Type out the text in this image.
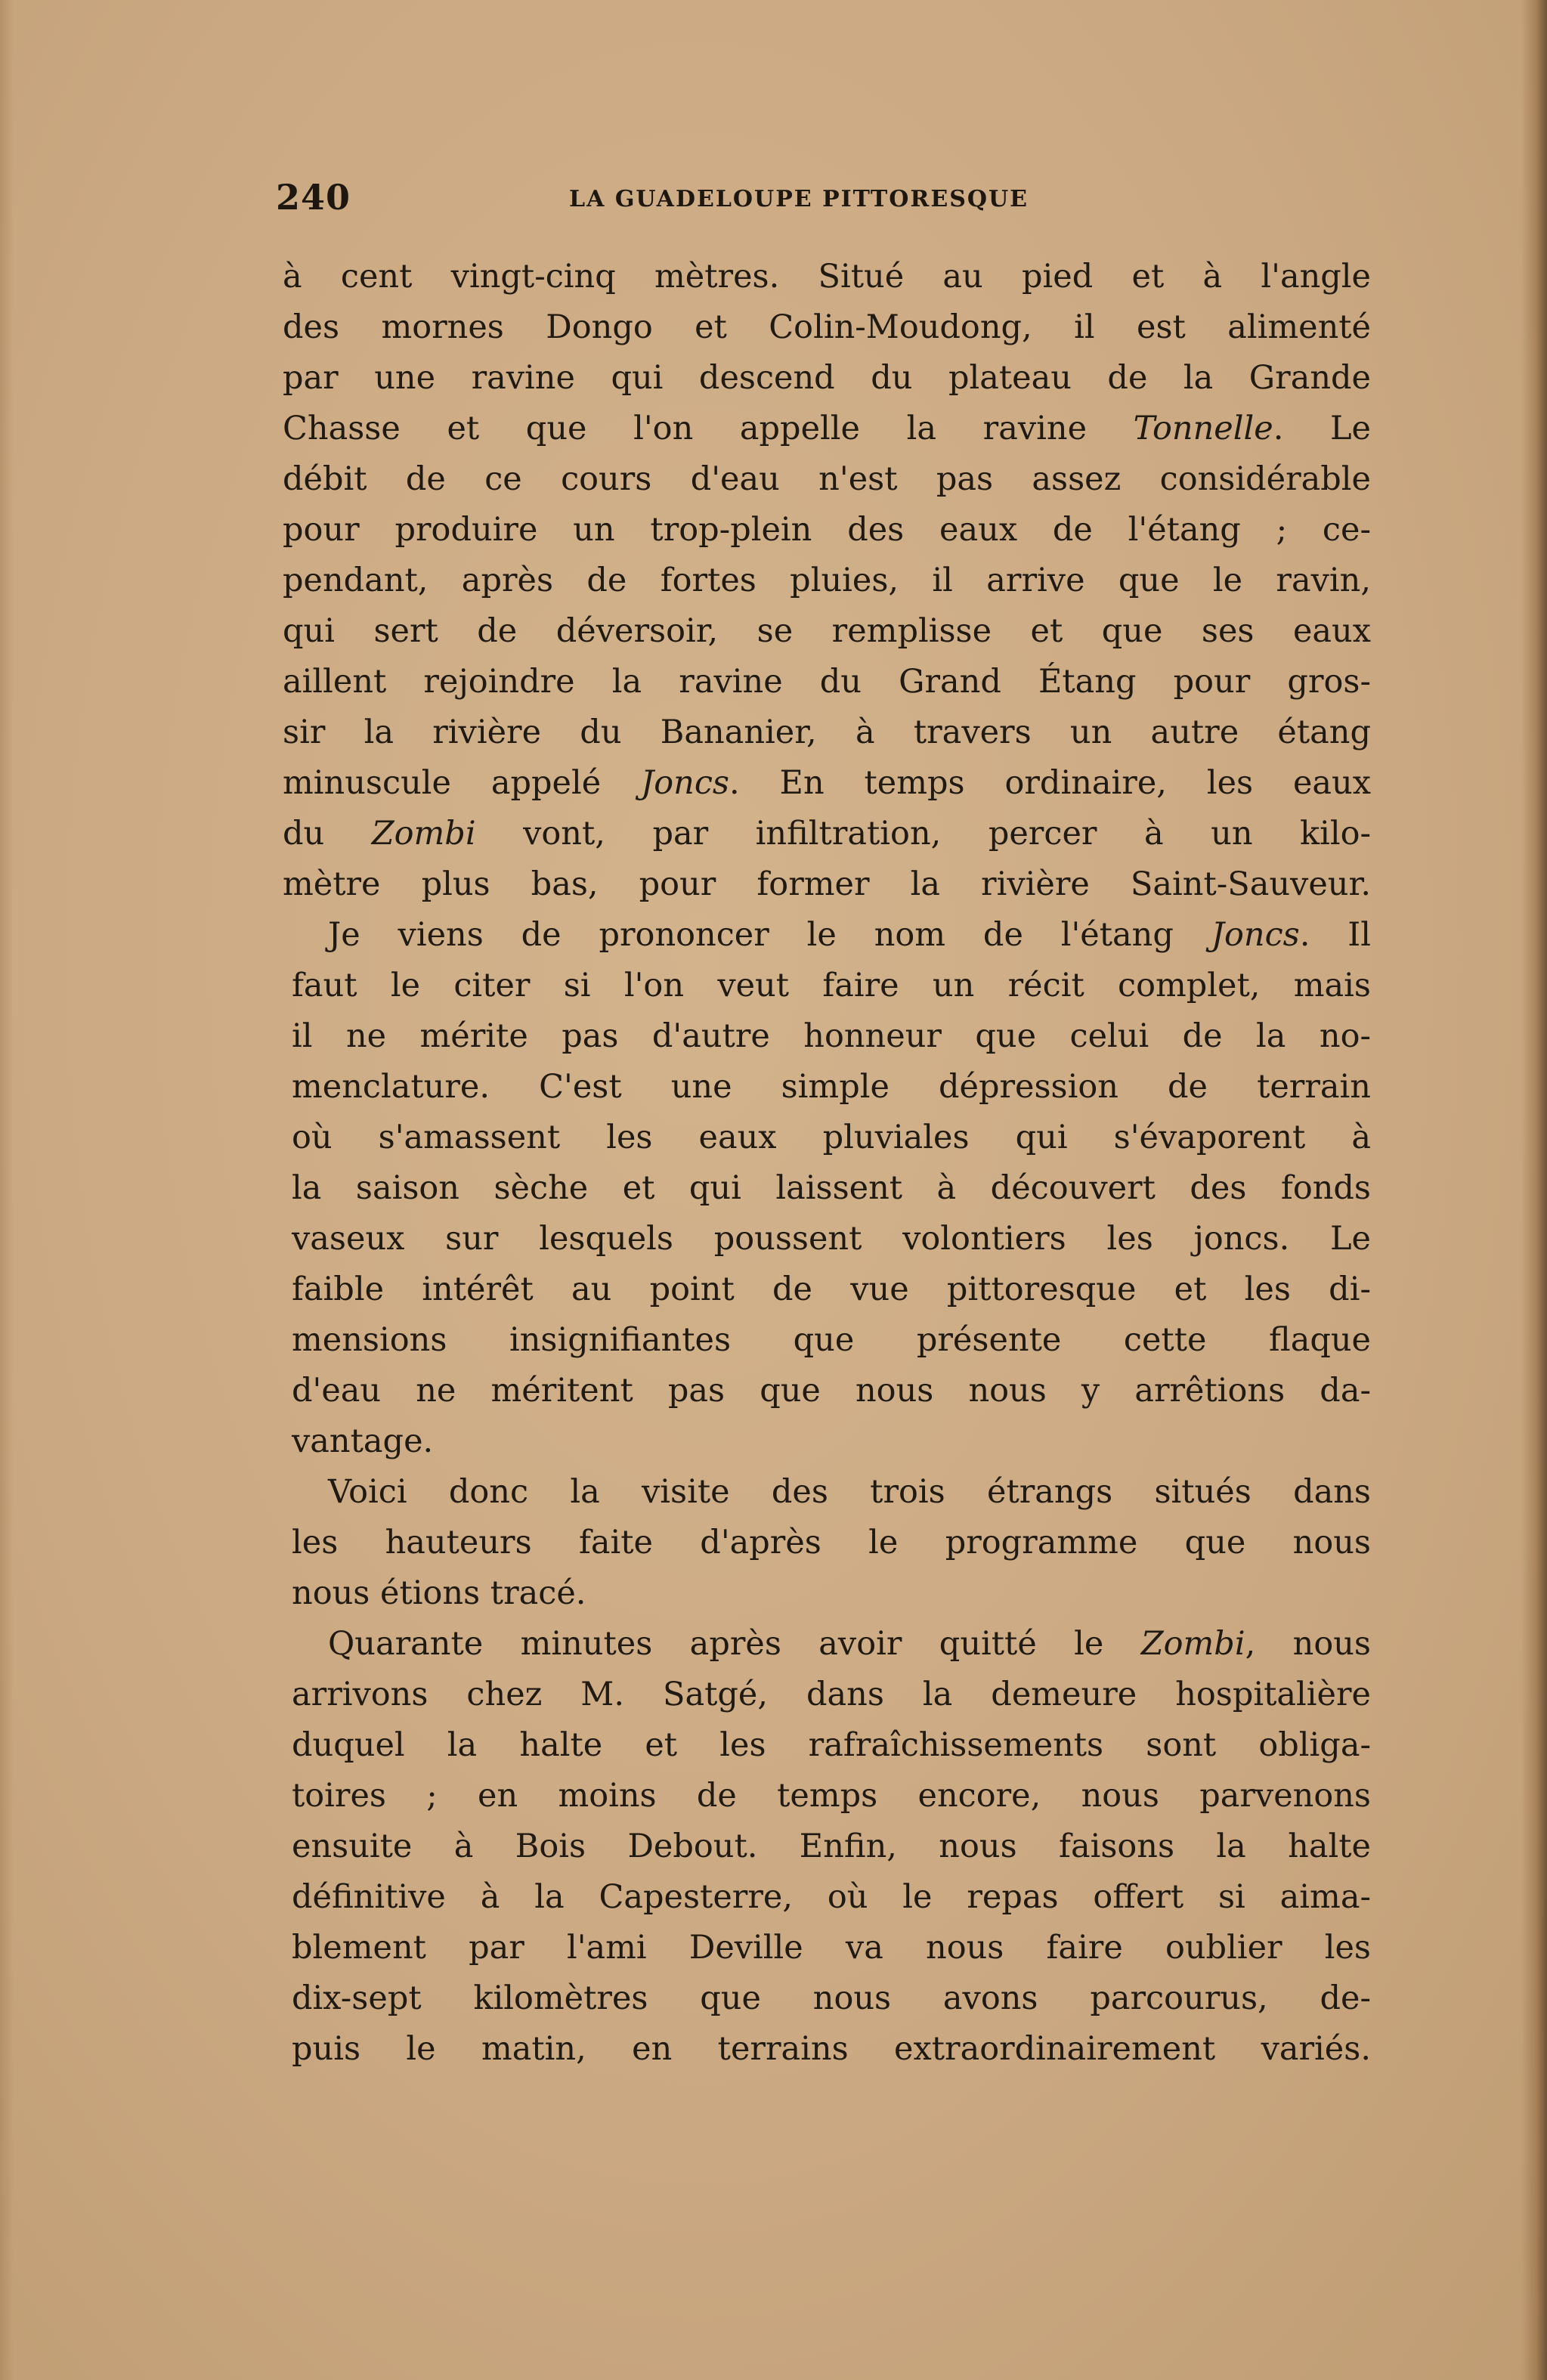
240	LA GUADELOUPE PITTORESQUE
à cent vingt-cinq mètres. Situé au pied et à l'angle
des mornes Dongo et Colin-Moudong, il est alimenté
par une ravine qui descend du plateau de la Grande
Chasse et que l'on appelle la ravine Tonnelle. Le
débit de ce cours d'eau n'est pas assez considérable
pour produire un trop-plein des eaux de l'étang ; ce-
pendant, après de fortes pluies, il arrive que le ravin,
qui sert de déversoir, se remplisse et que ses eaux
aillent rejoindre la ravine du Grand Étang pour gros-
sir la rivière du Bananier, à travers un autre étang
minuscule appelé Joncs. En temps ordinaire, les eaux
du Zombi vont, par infiltration, percer à un kilo-
mètre plus bas, pour former la rivière Saint-Sauveur.
Je viens de prononcer le nom de l'étang Joncs. Il
faut le citer si l'on veut faire un récit complet, mais
il ne mérite pas d'autre honneur que celui de la no-
menclature. C'est une simple dépression de terrain
où s'amassent les eaux pluviales qui s'évaporent à
la saison sèche et qui laissent à découvert des fonds
vaseux sur lesquels poussent volontiers les joncs. Le
faible intérêt au point de vue pittoresque et les di-
mensions insignifiantes que présente cette flaque
d'eau ne méritent pas que nous nous y arrêtions da-
vantage.
Voici donc la visite des trois étrangs situés dans
les hauteurs faite d'après le programme que nous
nous étions tracé.
Quarante minutes après avoir quitté le Zombi, nous
arrivons chez M. Satgé, dans la demeure hospitalière
duquel la halte et les rafraîchissements sont obliga-
toires ; en moins de temps encore, nous parvenons
ensuite à Bois Debout. Enfin, nous faisons la halte
définitive à la Capesterre, où le repas offert si aima-
blement par l'ami Deville va nous faire oublier les
dix-sept kilomètres que nous avons parcourus, de-
puis le matin, en terrains extraordinairement variés.
